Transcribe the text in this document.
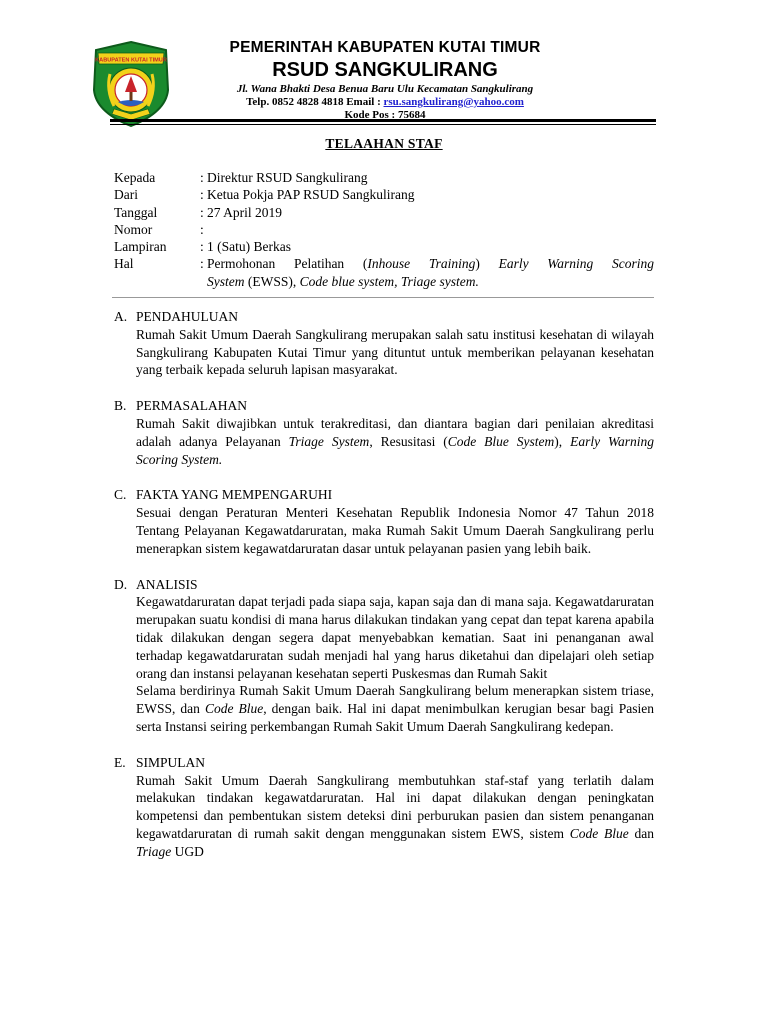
KABUPATEN KUTAI TIMUR
PEMERINTAH KABUPATEN KUTAI TIMUR
RSUD SANGKULIRANG
Jl. Wana Bhakti Desa Benua Baru Ulu Kecamatan Sangkulirang
Telp. 0852 4828 4818 Email : rsu.sangkulirang@yahoo.com
Kode Pos : 75684
TELAAHAN STAF
Kepada	: Direktur RSUD Sangkulirang
Dari	: Ketua Pokja PAP RSUD Sangkulirang
Tanggal	: 27 April 2019
Nomor	:
Lampiran	: 1 (Satu) Berkas
Hal	: Permohonan Pelatihan (Inhouse Training) Early Warning Scoring
System (EWSS), Code blue system, Triage system.
A. PENDAHULUAN

Rumah Sakit Umum Daerah Sangkulirang merupakan salah satu institusi kesehatan di wilayah Sangkulirang Kabupaten Kutai Timur yang dituntut untuk memberikan pelayanan kesehatan yang terbaik kepada seluruh lapisan masyarakat.

B. PERMASALAHAN

Rumah Sakit diwajibkan untuk terakreditasi, dan diantara bagian dari penilaian akreditasi adalah adanya Pelayanan Triage System, Resusitasi (Code Blue System), Early Warning Scoring System.

C. FAKTA YANG MEMPENGARUHI

Sesuai dengan Peraturan Menteri Kesehatan Republik Indonesia Nomor 47 Tahun 2018 Tentang Pelayanan Kegawatdaruratan, maka Rumah Sakit Umum Daerah Sangkulirang perlu menerapkan sistem kegawatdaruratan dasar untuk pelayanan pasien yang lebih baik.

D. ANALISIS

Kegawatdaruratan dapat terjadi pada siapa saja, kapan saja dan di mana saja. Kegawatdaruratan merupakan suatu kondisi di mana harus dilakukan tindakan yang cepat dan tepat karena apabila tidak dilakukan dengan segera dapat menyebabkan kematian. Saat ini penanganan awal terhadap kegawatdaruratan sudah menjadi hal yang harus diketahui dan dipelajari oleh setiap orang dan instansi pelayanan kesehatan seperti Puskesmas dan Rumah Sakit

Selama berdirinya Rumah Sakit Umum Daerah Sangkulirang belum menerapkan sistem triase, EWSS, dan Code Blue, dengan baik. Hal ini dapat menimbulkan kerugian besar bagi Pasien serta Instansi seiring perkembangan Rumah Sakit Umum Daerah Sangkulirang kedepan.

E. SIMPULAN

Rumah Sakit Umum Daerah Sangkulirang membutuhkan staf-staf yang terlatih dalam melakukan tindakan kegawatdaruratan. Hal ini dapat dilakukan dengan peningkatan kompetensi dan pembentukan sistem deteksi dini perburukan pasien dan sistem penanganan kegawatdaruratan di rumah sakit dengan menggunakan sistem EWS, sistem Code Blue dan Triage UGD
